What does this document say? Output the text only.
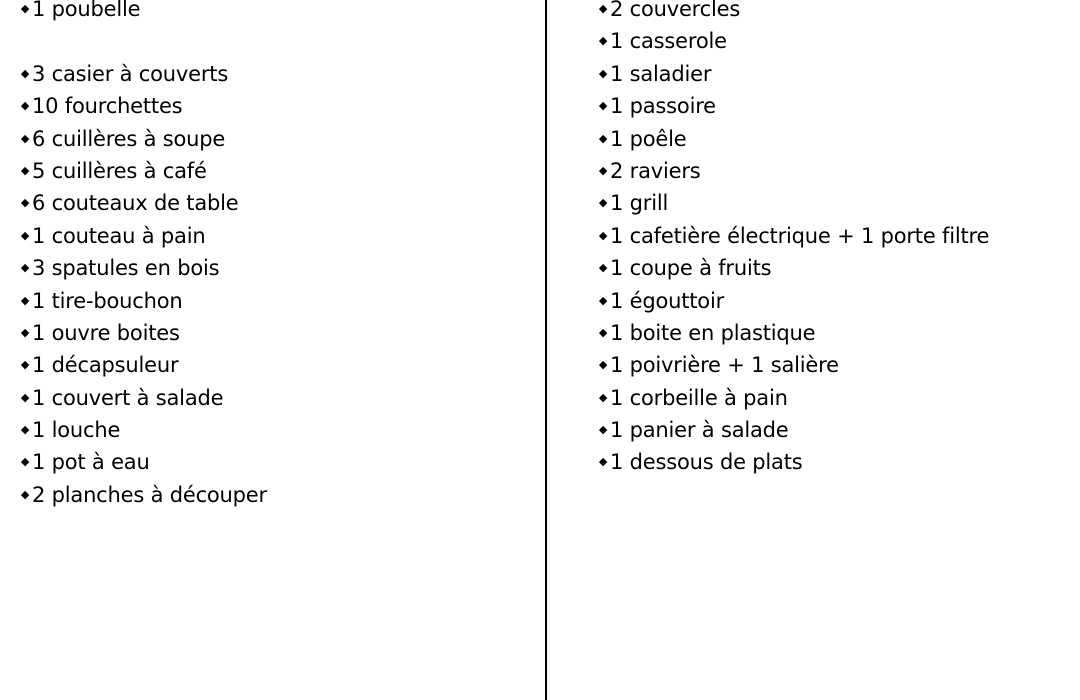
◆ 1 poubelle
◆ 3 casier à couverts
◆ 10 fourchettes
◆ 6 cuillères à soupe
◆ 5 cuillères à café
◆ 6 couteaux de table
◆ 1 couteau à pain
◆ 3 spatules en bois
◆ 1 tire-bouchon
◆ 1 ouvre boites
◆ 1 décapsuleur
◆ 1 couvert à salade
◆ 1 louche
◆ 1 pot à eau
◆ 2 planches à découper
◆ 2 couvercles
◆ 1 casserole
◆ 1 saladier
◆ 1 passoire
◆ 1 poêle
◆ 2 raviers
◆ 1 grill
◆ 1 cafetière électrique + 1 porte filtre
◆ 1 coupe à fruits
◆ 1 égouttoir
◆ 1 boite en plastique
◆ 1 poivrière + 1 salière
◆ 1 corbeille à pain
◆ 1 panier à salade
◆ 1 dessous de plats
